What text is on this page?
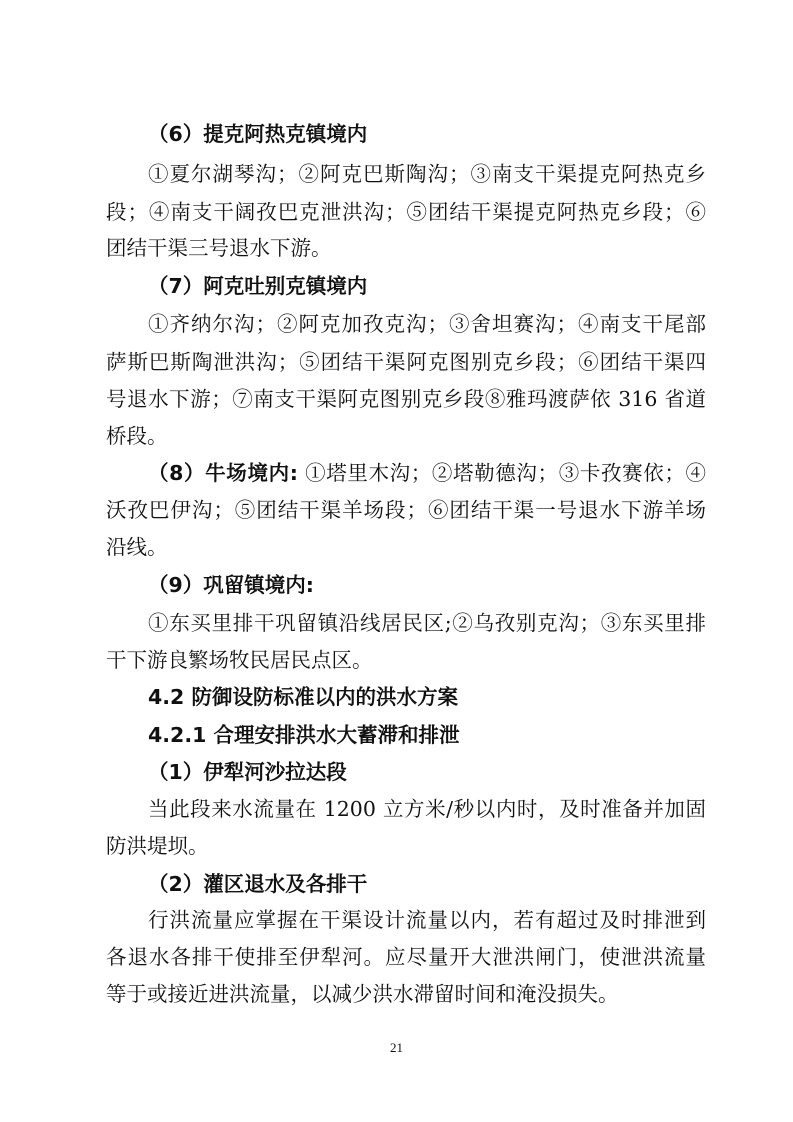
（6）提克阿热克镇境内
①夏尔湖琴沟；②阿克巴斯陶沟；③南支干渠提克阿热克乡
段；④南支干阔孜巴克泄洪沟；⑤团结干渠提克阿热克乡段；⑥
团结干渠三号退水下游。
（7）阿克吐别克镇境内
①齐纳尔沟；②阿克加孜克沟；③舍坦赛沟；④南支干尾部
萨斯巴斯陶泄洪沟；⑤团结干渠阿克图别克乡段；⑥团结干渠四
号退水下游；⑦南支干渠阿克图别克乡段⑧雅玛渡萨依 316 省道
桥段。
（8）牛场境内: ①塔里木沟；②塔勒德沟；③卡孜赛依；④
沃孜巴伊沟；⑤团结干渠羊场段；⑥团结干渠一号退水下游羊场
沿线。
（9）巩留镇境内:
①东买里排干巩留镇沿线居民区;②乌孜别克沟；③东买里排
干下游良繁场牧民居民点区。
4.2 防御设防标准以内的洪水方案
4.2.1 合理安排洪水大蓄滞和排泄
（1）伊犁河沙拉达段
当此段来水流量在 1200 立方米/秒以内时，及时准备并加固
防洪堤坝。
（2）灌区退水及各排干
行洪流量应掌握在干渠设计流量以内，若有超过及时排泄到
各退水各排干使排至伊犁河。应尽量开大泄洪闸门，使泄洪流量
等于或接近进洪流量，以减少洪水滞留时间和淹没损失。
21
